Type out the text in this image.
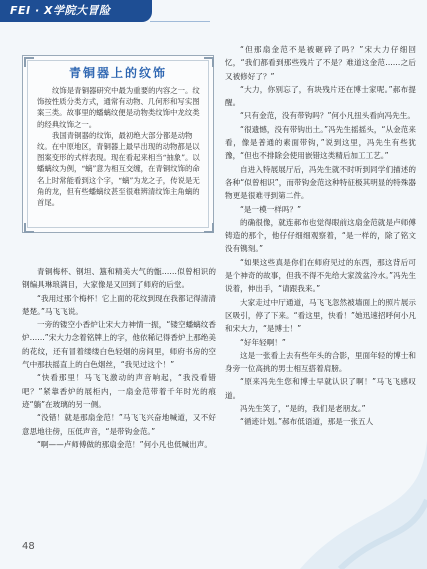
FEI · X学院大冒险
青铜器上的纹饰

纹饰是青铜器研究中最为重要的内容之一。纹饰按性质分类方式，通常有动物、几何形和写实图案三类。故事里的蟠螭纹便是动物类纹饰中龙纹类的经典纹饰之一。

我国青铜器的纹饰，最初绝大部分都是动物纹。在中原地区，青铜器上最早出现的动物都是以图案变形的式样表现。现在看起来相当“抽象”。以蟠螭纹为例，“螭”意为相互交缠，在青铜纹饰的命名上时常能看到这个字，“螭”为龙之子，传说是无角的龙，但有些蟠螭纹甚至很难辨清纹饰主角螭的首尾。

青铜梅杯、钢坦、簋和精美大气的甑……似曾相识的钢编具琳琅满目，大家像是又回到了师府的后堂。

“我用过那个梅杯！它上面的花纹到现在我都记得清清楚楚。”马飞飞说。

一旁的镂空小香炉让宋大力神情一振，“镂空蟠螭纹香炉……”宋大力念着铭牌上的字，他依稀记得香炉上那绝美的花纹，还有冒着缕缕白色轻烟的房间里，师府书房的空气中那扶摇直上的白色烟丝，“我见过这个！”

“快看那里！马飞飞激动的声音响起，“我没看错吧？”紧靠香炉的展柜内，一扇金范带着千年时光的痕迹“躺”在玻璃的另一侧。

“没错！就是那扇金范！”马飞飞兴奋地喊道，又不好意思地往傍，压低声音，“是带钩金范。”

“啊——卢师傅做的那扇金范！”何小凡也低喊出声。

“但那扇金范不是被砸碎了吗？”宋大力仔细回忆，“我们都看到那些残片了不是？难道这金范……之后又被修好了？”

“大力，你别忘了，有块残片还在博士家呢。”郝布提醒。

“只有金范，没有带钩吗？”何小凡扭头看向冯先生。

“很遗憾，没有带钩出土。”冯先生摇摇头，“从金范来看，像是普通的素面带钩，”说到这里，冯先生有些犹豫，“但也不排除会使用嵌错这类精后加工工艺。”

自进入特展展厅后，冯先生就不时听到同学们描述的各种“似曾相识”，而带钩金范这种特征极其明显的特殊器物更是很难寻到第二件。

“是一模一样吗？”

的确很像，就连郝布也觉得眼前这扇金范就是卢师傅铸造的那个，他仔仔细细观察着，“是一样的，除了铭文没有镌刻。”

“如果这些真是你们在师府见过的东西，那这背后可是个神奇的故事，但我不得不先给大家泼盆冷水。”冯先生说着，伸出手，“请跟我来。”

大家走过中厅通道，马飞飞忽然被墙面上的照片展示区吸引，停了下来。“看这里，快看！”她迅速招呼何小凡和宋大力，“是博士！”

“好年轻啊！”

这是一张看上去有些年头的合影，里面年轻的博士和身旁一位高挑的男士相互搭着肩膀。

“原来冯先生您和博士早就认识了啊！”马飞飞感叹道。

冯先生笑了，“是的，我们是老朋友。”

“循迹计划。”郝布低语道，那是一张五人

48
